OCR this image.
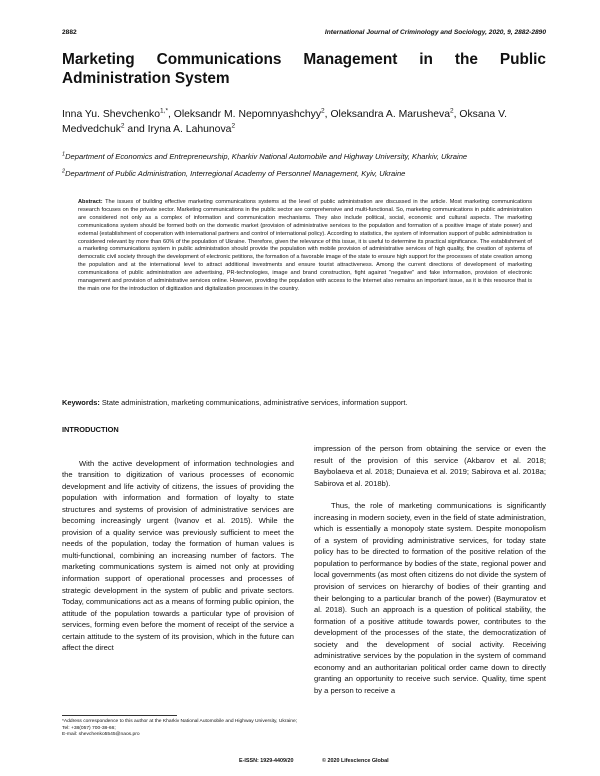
2882	International Journal of Criminology and Sociology, 2020, 9, 2882-2890
Marketing Communications Management in the Public Administration System
Inna Yu. Shevchenko$^{1,*}$, Oleksandr M. Nepomnyashchyy$^2$, Oleksandra A. Marusheva$^2$, Oksana V. Medvedchuk$^2$ and Iryna A. Lahunova$^2$
$^1$Department of Economics and Entrepreneurship, Kharkiv National Automobile and Highway University, Kharkiv, Ukraine
$^2$Department of Public Administration, Interregional Academy of Personnel Management, Kyiv, Ukraine
Abstract: The issues of building effective marketing communications systems at the level of public administration are discussed in the article. Most marketing communications research focuses on the private sector. Marketing communications in the public sector are comprehensive and multi-functional. So, marketing communications in public administration are considered not only as a complex of information and communication mechanisms. They also include political, social, economic and cultural aspects. The marketing communications system should be formed both on the domestic market (provision of administrative services to the population and formation of a positive image of state power) and external (establishment of cooperation with international partners and control of international policy). According to statistics, the system of information support of public administration is considered relevant by more than 60% of the population of Ukraine. Therefore, given the relevance of this issue, it is useful to determine its practical significance. The establishment of a marketing communications system in public administration should provide the population with mobile provision of administrative services of high quality, the creation of systems of democratic civil society through the development of electronic petitions, the formation of a favorable image of the state to ensure high support for the processes of state creation among the population and at the international level to attract additional investments and ensure tourist attractiveness. Among the current directions of development of marketing communications of public administration are advertising, PR-technologies, image and brand construction, fight against "negative" and fake information, provision of electronic management and provision of administrative services online. However, providing the population with access to the Internet also remains an important issue, as it is this resource that is the main one for the introduction of digitization and digitalization processes in the country.
Keywords: State administration, marketing communications, administrative services, information support.
INTRODUCTION

With the active development of information technologies and the transition to digitization of various processes of economic development and life activity of citizens, the issues of providing the population with information and formation of loyalty to state structures and systems of provision of administrative services are becoming increasingly urgent (Ivanov et al. 2015). While the provision of a quality service was previously sufficient to meet the needs of the population, today the formation of human values is multi-functional, combining an increasing number of factors. The marketing communications system is aimed not only at providing information support of operational processes and processes of strategic development in the system of public and private sectors. Today, communications act as a means of forming public opinion, the attitude of the population towards a particular type of provision of services, forming even before the moment of receipt of the service a certain attitude to the system of its provision, which in the future can affect the direct

impression of the person from obtaining the service or even the result of the provision of this service (Akbarov et al. 2018; Baybolaeva et al. 2018; Dunaieva et al. 2019; Sabirova et al. 2018a; Sabirova et al. 2018b).

Thus, the role of marketing communications is significantly increasing in modern society, even in the field of state administration, which is essentially a monopoly state system. Despite monopolism of a system of providing administrative services, for today state policy has to be directed to formation of the positive relation of the population to performance by bodies of the state, regional power and local governments (as most often citizens do not divide the system of provision of services on hierarchy of bodies of their granting and their belonging to a particular branch of the power) (Baymuratov et al. 2018). Such an approach is a question of political stability, the formation of a positive attitude towards power, contributes to the development of the processes of the state, the democratization of society and the development of social activity. Receiving administrative services by the population in the system of command economy and an authoritarian political order came down to directly granting an opportunity to receive such service. Quality, time spent by a person to receive a

*Address correspondence to this author at the Kharkiv National Automobile and Highway University, Ukraine; Tel: +38(057) 700-38-66;
E-mail: shevchenko5545@naos.pro
E-ISSN: 1929-4409/20	© 2020 Lifescience Global
